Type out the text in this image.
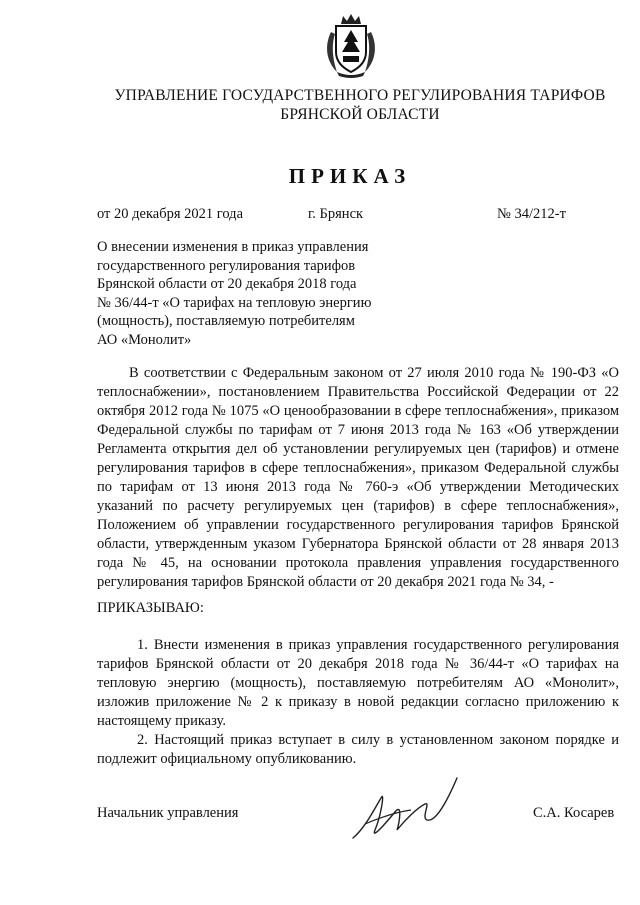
УПРАВЛЕНИЕ ГОСУДАРСТВЕННОГО РЕГУЛИРОВАНИЯ ТАРИФОВ
БРЯНСКОЙ ОБЛАСТИ
ПРИКАЗ
от 20 декабря 2021 года	г. Брянск	№ 34/212-т
О внесении изменения в приказ управления
государственного регулирования тарифов
Брянской области от 20 декабря 2018 года
№ 36/44-т «О тарифах на тепловую энергию
(мощность), поставляемую потребителям
АО «Монолит»

В соответствии с Федеральным законом от 27 июля 2010 года № 190-ФЗ «О теплоснабжении», постановлением Правительства Российской Федерации от 22 октября 2012 года № 1075 «О ценообразовании в сфере теплоснабжения», приказом Федеральной службы по тарифам от 7 июня 2013 года № 163 «Об утверждении Регламента открытия дел об установлении регулируемых цен (тарифов) и отмене регулирования тарифов в сфере теплоснабжения», приказом Федеральной службы по тарифам от 13 июня 2013 года № 760-э «Об утверждении Методических указаний по расчету регулируемых цен (тарифов) в сфере теплоснабжения», Положением об управлении государственного регулирования тарифов Брянской области, утвержденным указом Губернатора Брянской области от 28 января 2013 года № 45, на основании протокола правления управления государственного регулирования тарифов Брянской области от 20 декабря 2021 года № 34, -

ПРИКАЗЫВАЮ:

1. Внести изменения в приказ управления государственного регулирования тарифов Брянской области от 20 декабря 2018 года № 36/44-т «О тарифах на тепловую энергию (мощность), поставляемую потребителям АО «Монолит», изложив приложение № 2 к приказу в новой редакции согласно приложению к настоящему приказу.

2. Настоящий приказ вступает в силу в установленном законом порядке и подлежит официальному опубликованию.

Начальник управления	С.А. Косарев
